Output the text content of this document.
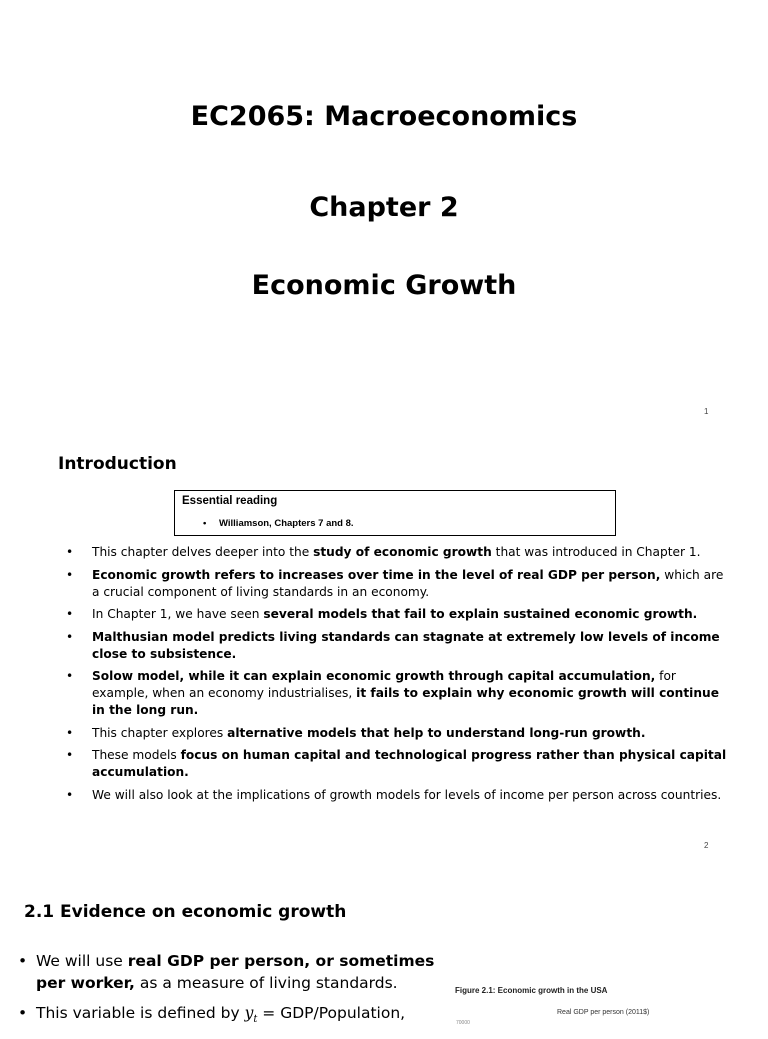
EC2065: Macroeconomics
Chapter 2
Economic Growth
1
Introduction
Essential reading
• Williamson, Chapters 7 and 8.
• This chapter delves deeper into the study of economic growth that was introduced in Chapter 1.
• Economic growth refers to increases over time in the level of real GDP per person, which are a crucial component of living standards in an economy.
• In Chapter 1, we have seen several models that fail to explain sustained economic growth.
• Malthusian model predicts living standards can stagnate at extremely low levels of income close to subsistence.
• Solow model, while it can explain economic growth through capital accumulation, for example, when an economy industrialises, it fails to explain why economic growth will continue in the long run.
• This chapter explores alternative models that help to understand long-run growth.
• These models focus on human capital and technological progress rather than physical capital accumulation.
• We will also look at the implications of growth models for levels of income per person across countries.
2
2.1 Evidence on economic growth
• We will use real GDP per person, or sometimes per worker, as a measure of living standards.
• This variable is defined by $y_t$ = GDP/Population,
Figure 2.1: Economic growth in the USA
Real GDP per person (2011$)
70000
